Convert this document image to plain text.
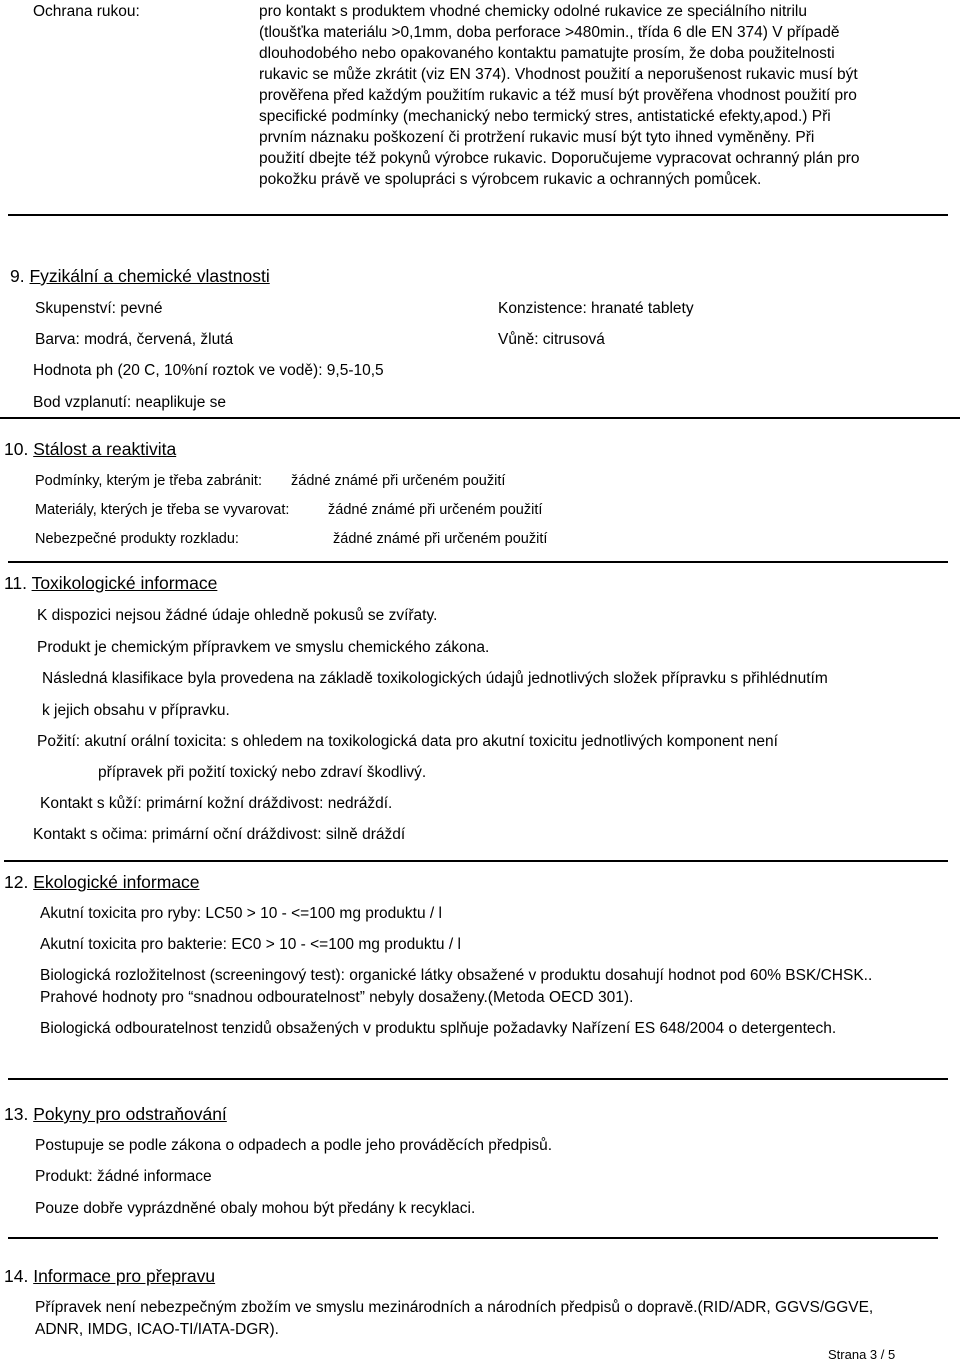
Ochrana rukou:	pro kontakt s produktem vhodné chemicky odolné rukavice ze speciálního nitrilu
(tloušťka materiálu >0,1mm, doba perforace >480min., třída 6 dle EN 374) V případě
dlouhodobého nebo opakovaného kontaktu pamatujte prosím, že doba použitelnosti
rukavic se může zkrátit (viz EN 374). Vhodnost použití a neporušenost rukavic musí být
prověřena před každým použitím rukavic a též musí být prověřena vhodnost použití pro
specifické podmínky (mechanický nebo termický stres, antistatické efekty,apod.) Při
prvním náznaku poškození či protržení rukavic musí být tyto ihned vyměněny. Při
použití dbejte též pokynů výrobce rukavic. Doporučujeme vypracovat ochranný plán pro
pokožku právě ve spolupráci s výrobcem rukavic a ochranných pomůcek.
9. Fyzikální a chemické vlastnosti
Skupenství: pevné	Konzistence: hranaté tablety
Barva: modrá, červená, žlutá	Vůně: citrusová
Hodnota ph (20 C, 10%ní roztok ve vodě): 9,5-10,5
Bod vzplanutí: neaplikuje se
10. Stálost a reaktivita
Podmínky, kterým je třeba zabránit: žádné známé při určeném použití
Materiály, kterých je třeba se vyvarovat:	žádné známé při určeném použití
Nebezpečné produkty rozkladu:	žádné známé při určeném použití
11. Toxikologické informace
K dispozici nejsou žádné údaje ohledně pokusů se zvířaty.
Produkt je chemickým přípravkem ve smyslu chemického zákona.
Následná klasifikace byla provedena na základě toxikologických údajů jednotlivých složek přípravku s přihlédnutím
k jejich obsahu v přípravku.
Požití: akutní orální toxicita: s ohledem na toxikologická data pro akutní toxicitu jednotlivých komponent není
přípravek při požití toxický nebo zdraví škodlivý.
Kontakt s kůží: primární kožní dráždivost: nedráždí.
Kontakt s očima: primární oční dráždivost: silně dráždí
12. Ekologické informace
Akutní toxicita pro ryby: LC50 > 10 - <=100 mg produktu / l
Akutní toxicita pro bakterie: EC0 > 10 - <=100 mg produktu / l
Biologická rozložitelnost (screeningový test): organické látky obsažené v produktu dosahují hodnot pod 60% BSK/CHSK.. Prahové hodnoty pro “snadnou odbouratelnost” nebyly dosaženy.(Metoda OECD 301).
Biologická odbouratelnost tenzidů obsažených v produktu splňuje požadavky Nařízení ES 648/2004 o detergentech.
13. Pokyny pro odstraňování
Postupuje se podle zákona o odpadech a podle jeho prováděcích předpisů.
Produkt: žádné informace
Pouze dobře vyprázdněné obaly mohou být předány k recyklaci.
14. Informace pro přepravu
Přípravek není nebezpečným zbožím ve smyslu mezinárodních a národních předpisů o dopravě.(RID/ADR, GGVS/GGVE, ADNR, IMDG, ICAO-TI/IATA-DGR).
Strana 3 / 5
